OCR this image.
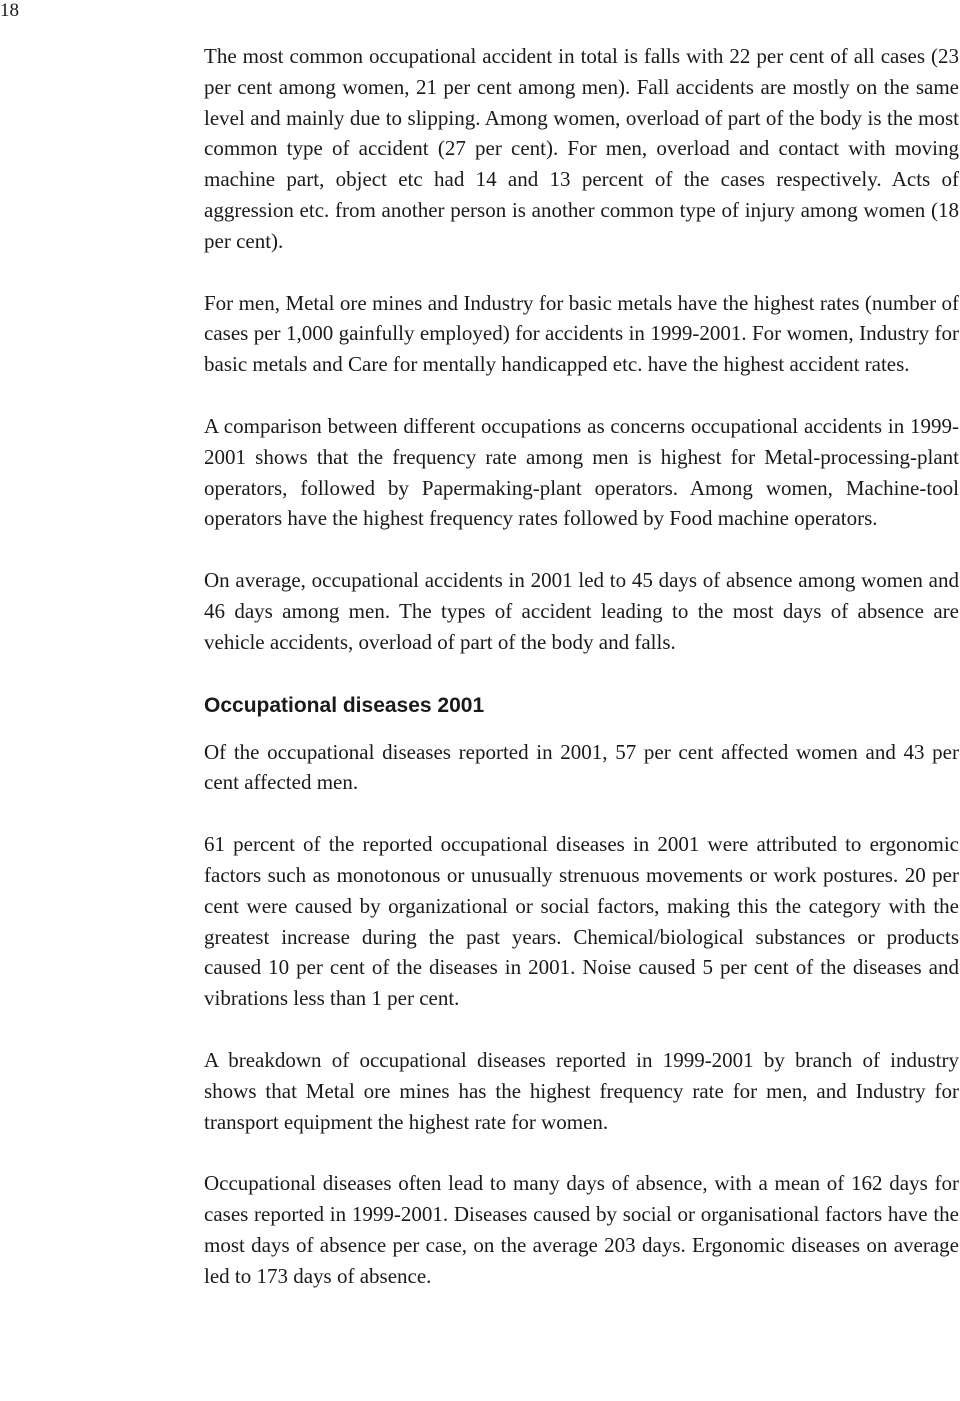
18

The most common occupational accident in total is falls with 22 per cent of all cases (23 per cent among women, 21 per cent among men). Fall accidents are mostly on the same level and mainly due to slipping. Among women, overload of part of the body is the most common type of accident (27 per cent). For men, overload and contact with moving machine part, object etc had 14 and 13 percent of the cases respectively. Acts of aggression etc. from another person is another common type of injury among women (18 per cent).

For men, Metal ore mines and Industry for basic metals have the highest rates (number of cases per 1,000 gainfully employed) for accidents in 1999-2001. For women, Industry for basic metals and Care for mentally handicapped etc. have the highest accident rates.

A comparison between different occupations as concerns occupational accidents in 1999-2001 shows that the frequency rate among men is highest for Metal-processing-plant operators, followed by Papermaking-plant operators. Among women, Machine-tool operators have the highest frequency rates followed by Food machine operators.

On average, occupational accidents in 2001 led to 45 days of absence among women and 46 days among men. The types of accident leading to the most days of absence are vehicle accidents, overload of part of the body and falls.

Occupational diseases 2001

Of the occupational diseases reported in 2001, 57 per cent affected women and 43 per cent affected men.

61 percent of the reported occupational diseases in 2001 were attributed to ergonomic factors such as monotonous or unusually strenuous movements or work postures. 20 per cent were caused by organizational or social factors, making this the category with the greatest increase during the past years. Chemical/biological substances or products caused 10 per cent of the diseases in 2001. Noise caused 5 per cent of the diseases and vibrations less than 1 per cent.

A breakdown of occupational diseases reported in 1999-2001 by branch of industry shows that Metal ore mines has the highest frequency rate for men, and Industry for transport equipment the highest rate for women.

Occupational diseases often lead to many days of absence, with a mean of 162 days for cases reported in 1999-2001. Diseases caused by social or organisational factors have the most days of absence per case, on the average 203 days. Ergonomic diseases on average led to 173 days of absence.
